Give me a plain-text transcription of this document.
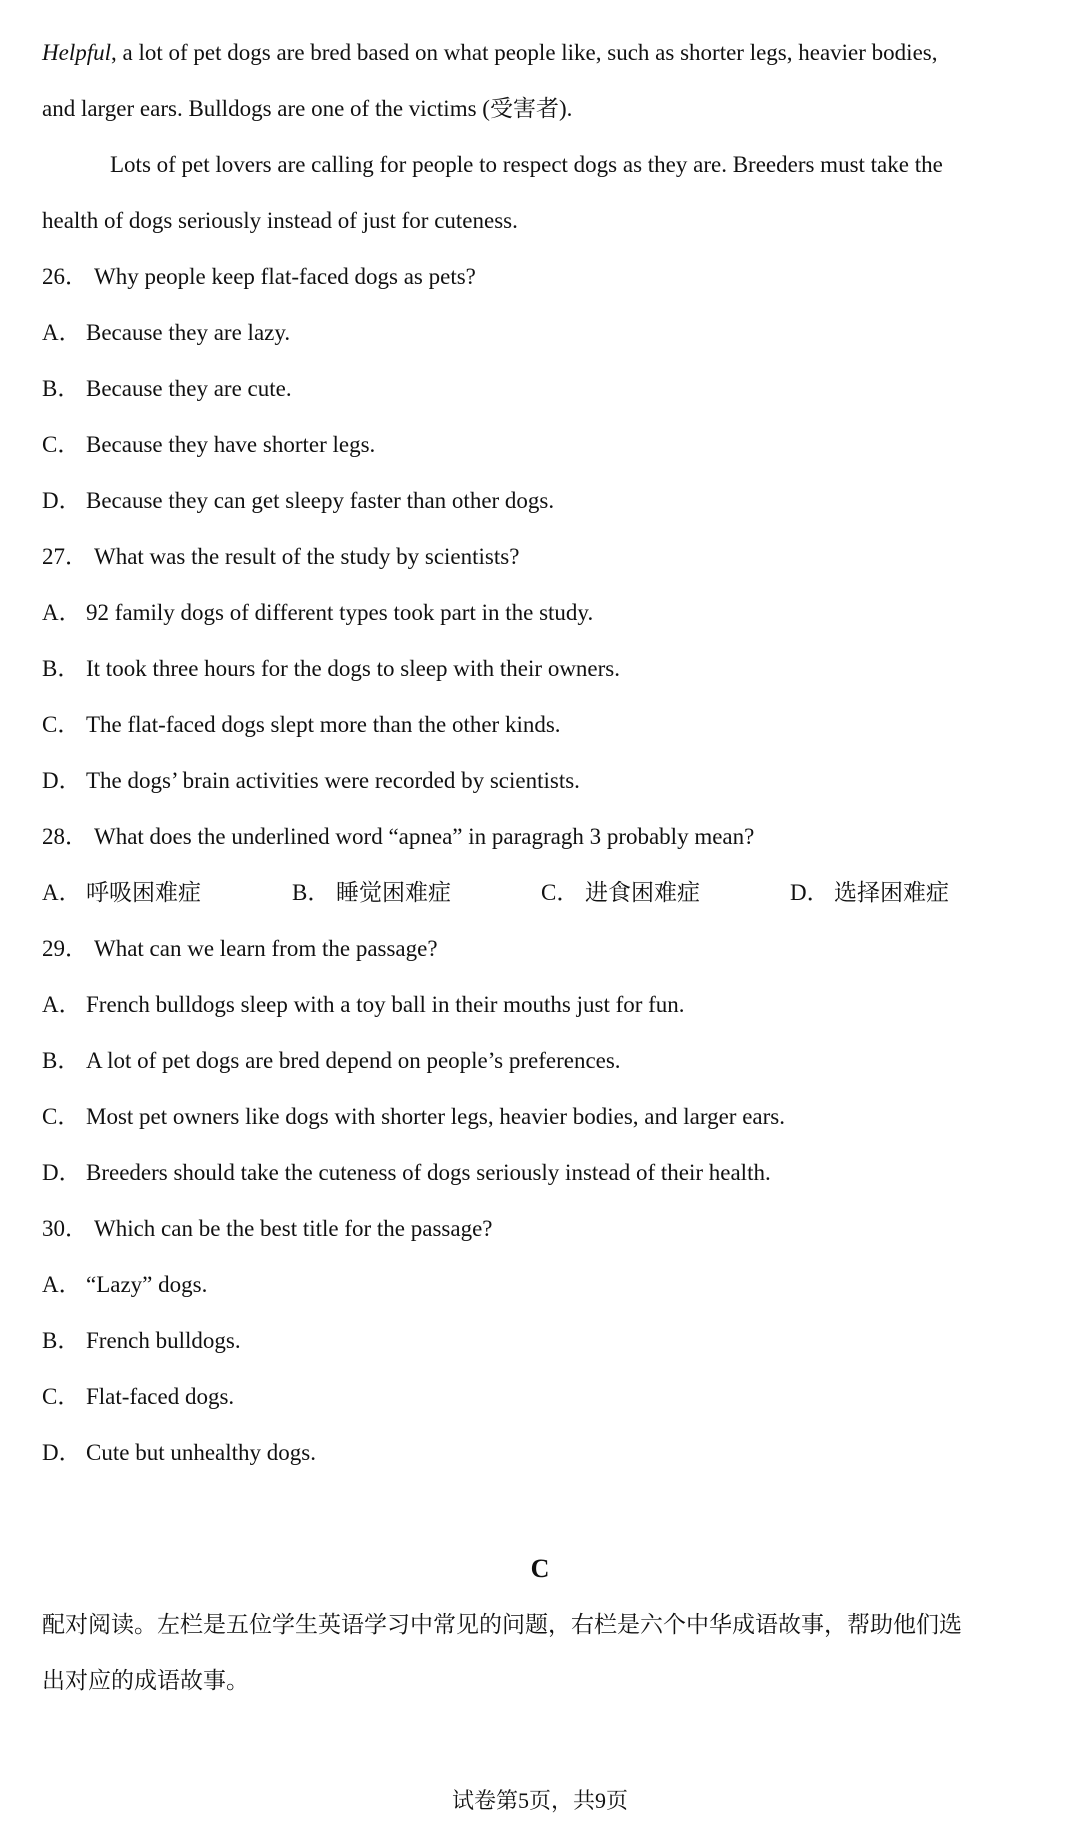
Helpful, a lot of pet dogs are bred based on what people like, such as shorter legs, heavier bodies,
and larger ears. Bulldogs are one of the victims (受害者).
Lots of pet lovers are calling for people to respect dogs as they are. Breeders must take the
health of dogs seriously instead of just for cuteness.
26． Why people keep flat-faced dogs as pets?
A． Because they are lazy.
B． Because they are cute.
C． Because they have shorter legs.
D． Because they can get sleepy faster than other dogs.
27． What was the result of the study by scientists?
A． 92 family dogs of different types took part in the study.
B． It took three hours for the dogs to sleep with their owners.
C． The flat-faced dogs slept more than the other kinds.
D． The dogs’ brain activities were recorded by scientists.
28． What does the underlined word “apnea” in paragragh 3 probably mean?
A． 呼吸困难症	B． 睡觉困难症	C． 进食困难症	D． 选择困难症
29． What can we learn from the passage?
A． French bulldogs sleep with a toy ball in their mouths just for fun.
B． A lot of pet dogs are bred depend on people’s preferences.
C． Most pet owners like dogs with shorter legs, heavier bodies, and larger ears.
D． Breeders should take the cuteness of dogs seriously instead of their health.
30． Which can be the best title for the passage?
A． “Lazy” dogs.
B． French bulldogs.
C． Flat-faced dogs.
D． Cute but unhealthy dogs.
C
配对阅读。左栏是五位学生英语学习中常见的问题，右栏是六个中华成语故事，帮助他们选
出对应的成语故事。
试卷第5页，共9页
